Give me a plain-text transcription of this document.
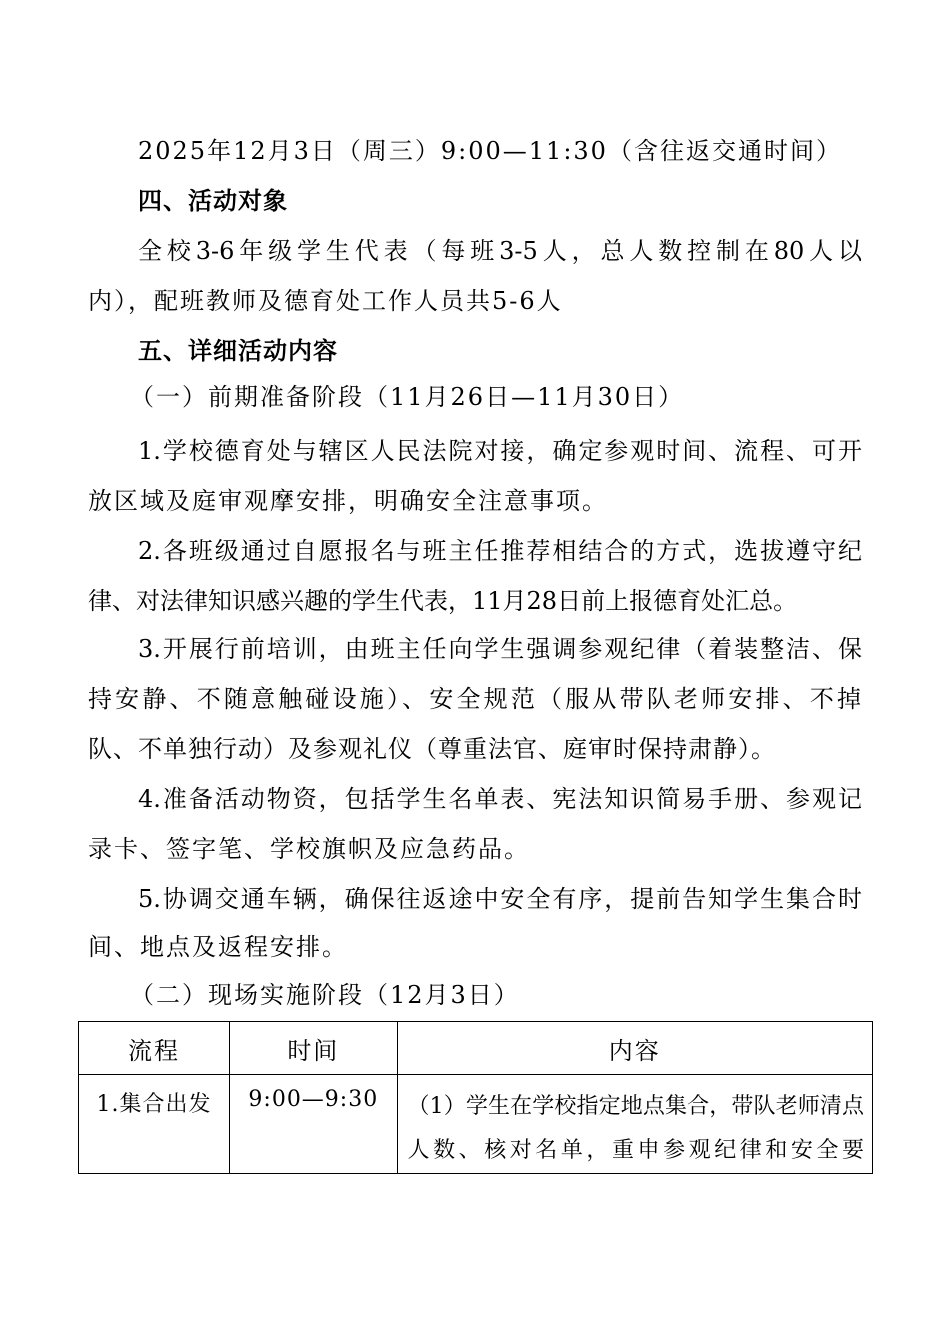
2025年12月3日（周三）9:00—11:30（含往返交通时间）
四、活动对象
全校3-6年级学生代表（每班3-5人，总人数控制在80人以
内），配班教师及德育处工作人员共5-6人
五、详细活动内容
（一）前期准备阶段（11月26日—11月30日）
1.学校德育处与辖区人民法院对接，确定参观时间、流程、可开
放区域及庭审观摩安排，明确安全注意事项。
2.各班级通过自愿报名与班主任推荐相结合的方式，选拔遵守纪
律、对法律知识感兴趣的学生代表，11月28日前上报德育处汇总。
3.开展行前培训，由班主任向学生强调参观纪律（着装整洁、保
持安静、不随意触碰设施）、安全规范（服从带队老师安排、不掉
队、不单独行动）及参观礼仪（尊重法官、庭审时保持肃静）。
4.准备活动物资，包括学生名单表、宪法知识简易手册、参观记
录卡、签字笔、学校旗帜及应急药品。
5.协调交通车辆，确保往返途中安全有序，提前告知学生集合时
间、地点及返程安排。
（二）现场实施阶段（12月3日）
流程	时间	内容
1.集合出发	9:00—9:30	（1）学生在学校指定地点集合，带队老师清点人数、核对名单，重申参观纪律和安全要
